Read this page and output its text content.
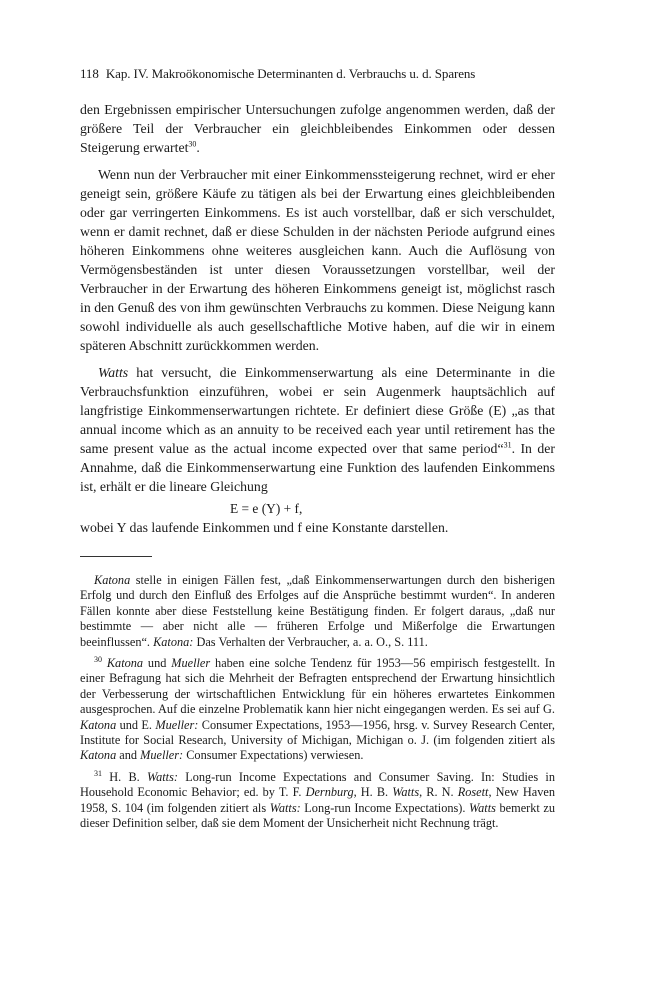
118 Kap. IV. Makroökonomische Determinanten d. Verbrauchs u. d. Sparens

den Ergebnissen empirischer Untersuchungen zufolge angenommen werden, daß der größere Teil der Verbraucher ein gleichbleibendes Einkommen oder dessen Steigerung erwartet$^{30}$.

Wenn nun der Verbraucher mit einer Einkommenssteigerung rechnet, wird er eher geneigt sein, größere Käufe zu tätigen als bei der Erwartung eines gleichbleibenden oder gar verringerten Einkommens. Es ist auch vorstellbar, daß er sich verschuldet, wenn er damit rechnet, daß er diese Schulden in der nächsten Periode aufgrund eines höheren Einkommens ohne weiteres ausgleichen kann. Auch die Auflösung von Vermögensbeständen ist unter diesen Voraussetzungen vorstellbar, weil der Verbraucher in der Erwartung des höheren Einkommens geneigt ist, möglichst rasch in den Genuß des von ihm gewünschten Verbrauchs zu kommen. Diese Neigung kann sowohl individuelle als auch gesellschaftliche Motive haben, auf die wir in einem späteren Abschnitt zurückkommen werden.

Watts hat versucht, die Einkommenserwartung als eine Determinante in die Verbrauchsfunktion einzuführen, wobei er sein Augenmerk hauptsächlich auf langfristige Einkommenserwartungen richtete. Er definiert diese Größe (E) „as that annual income which as an annuity to be received each year until retirement has the same present value as the actual income expected over that same period“$^{31}$. In der Annahme, daß die Einkommenserwartung eine Funktion des laufenden Einkommens ist, erhält er die lineare Gleichung

E = e (Y) + f,

wobei Y das laufende Einkommen und f eine Konstante darstellen.

Katona stelle in einigen Fällen fest, „daß Einkommenserwartungen durch den bisherigen Erfolg und durch den Einfluß des Erfolges auf die Ansprüche bestimmt wurden“. In anderen Fällen konnte aber diese Feststellung keine Bestätigung finden. Er folgert daraus, „daß nur bestimmte — aber nicht alle — früheren Erfolge und Mißerfolge die Erwartungen beeinflussen“. Katona: Das Verhalten der Verbraucher, a. a. O., S. 111.

$^{30}$ Katona und Mueller haben eine solche Tendenz für 1953—56 empirisch festgestellt. In einer Befragung hat sich die Mehrheit der Befragten entsprechend der Erwartung hinsichtlich der Verbesserung der wirtschaftlichen Entwicklung für ein höheres erwartetes Einkommen ausgesprochen. Auf die einzelne Problematik kann hier nicht eingegangen werden. Es sei auf G. Katona und E. Mueller: Consumer Expectations, 1953—1956, hrsg. v. Survey Research Center, Institute for Social Research, University of Michigan, Michigan o. J. (im folgenden zitiert als Katona and Mueller: Consumer Expectations) verwiesen.

$^{31}$ H. B. Watts: Long-run Income Expectations and Consumer Saving. In: Studies in Household Economic Behavior; ed. by T. F. Dernburg, H. B. Watts, R. N. Rosett, New Haven 1958, S. 104 (im folgenden zitiert als Watts: Long-run Income Expectations). Watts bemerkt zu dieser Definition selber, daß sie dem Moment der Unsicherheit nicht Rechnung trägt.
